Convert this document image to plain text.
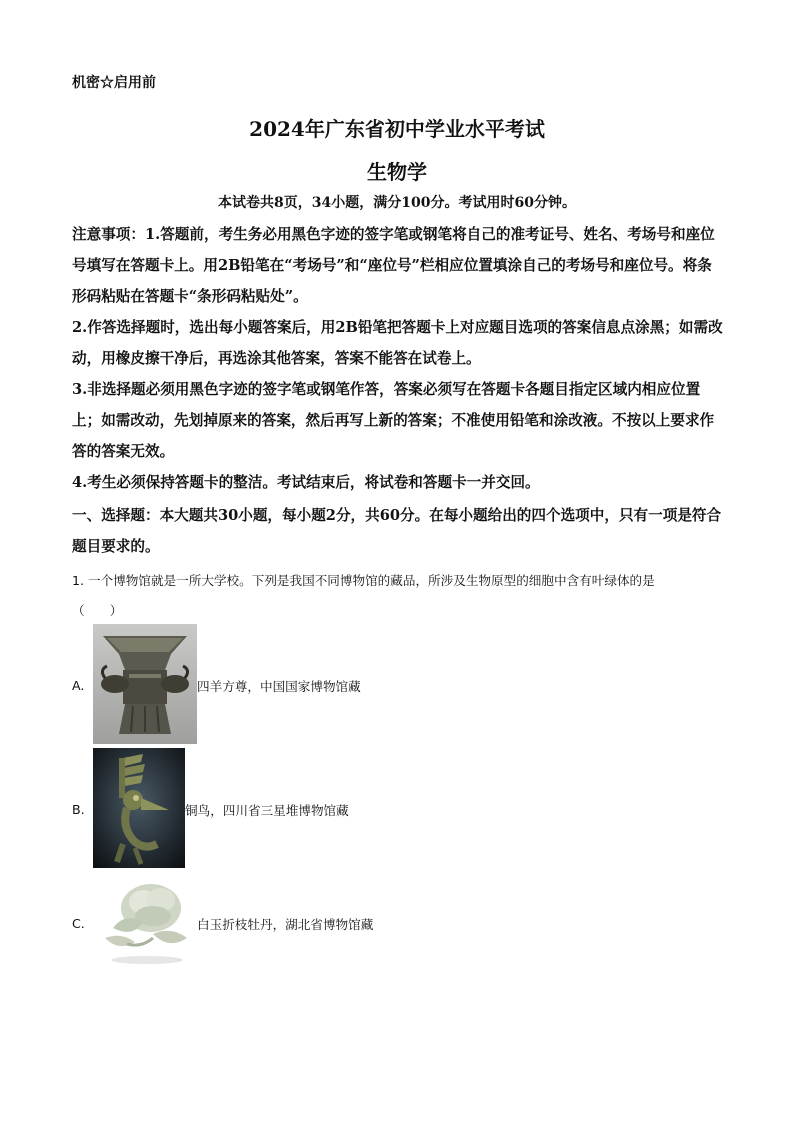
机密☆启用前
2024年广东省初中学业水平考试
生物学
本试卷共8页，34小题，满分100分。考试用时60分钟。

注意事项：1.答题前，考生务必用黑色字迹的签字笔或钢笔将自己的准考证号、姓名、考场号和座位号填写在答题卡上。用2B铅笔在“考场号”和“座位号”栏相应位置填涂自己的考场号和座位号。将条形码粘贴在答题卡“条形码粘贴处”。

2.作答选择题时，选出每小题答案后，用2B铅笔把答题卡上对应题目选项的答案信息点涂黑；如需改动，用橡皮擦干净后，再选涂其他答案，答案不能答在试卷上。

3.非选择题必须用黑色字迹的签字笔或钢笔作答，答案必须写在答题卡各题目指定区域内相应位置上；如需改动，先划掉原来的答案，然后再写上新的答案；不准使用铅笔和涂改液。不按以上要求作答的答案无效。

4.考生必须保持答题卡的整洁。考试结束后，将试卷和答题卡一并交回。

一、选择题：本大题共30小题，每小题2分，共60分。在每小题给出的四个选项中，只有一项是符合题目要求的。

1. 一个博物馆就是一所大学校。下列是我国不同博物馆的藏品，所涉及生物原型的细胞中含有叶绿体的是

（　　）

A.	四羊方尊，中国国家博物馆藏
B.	铜鸟，四川省三星堆博物馆藏
C.	白玉折枝牡丹，湖北省博物馆藏
